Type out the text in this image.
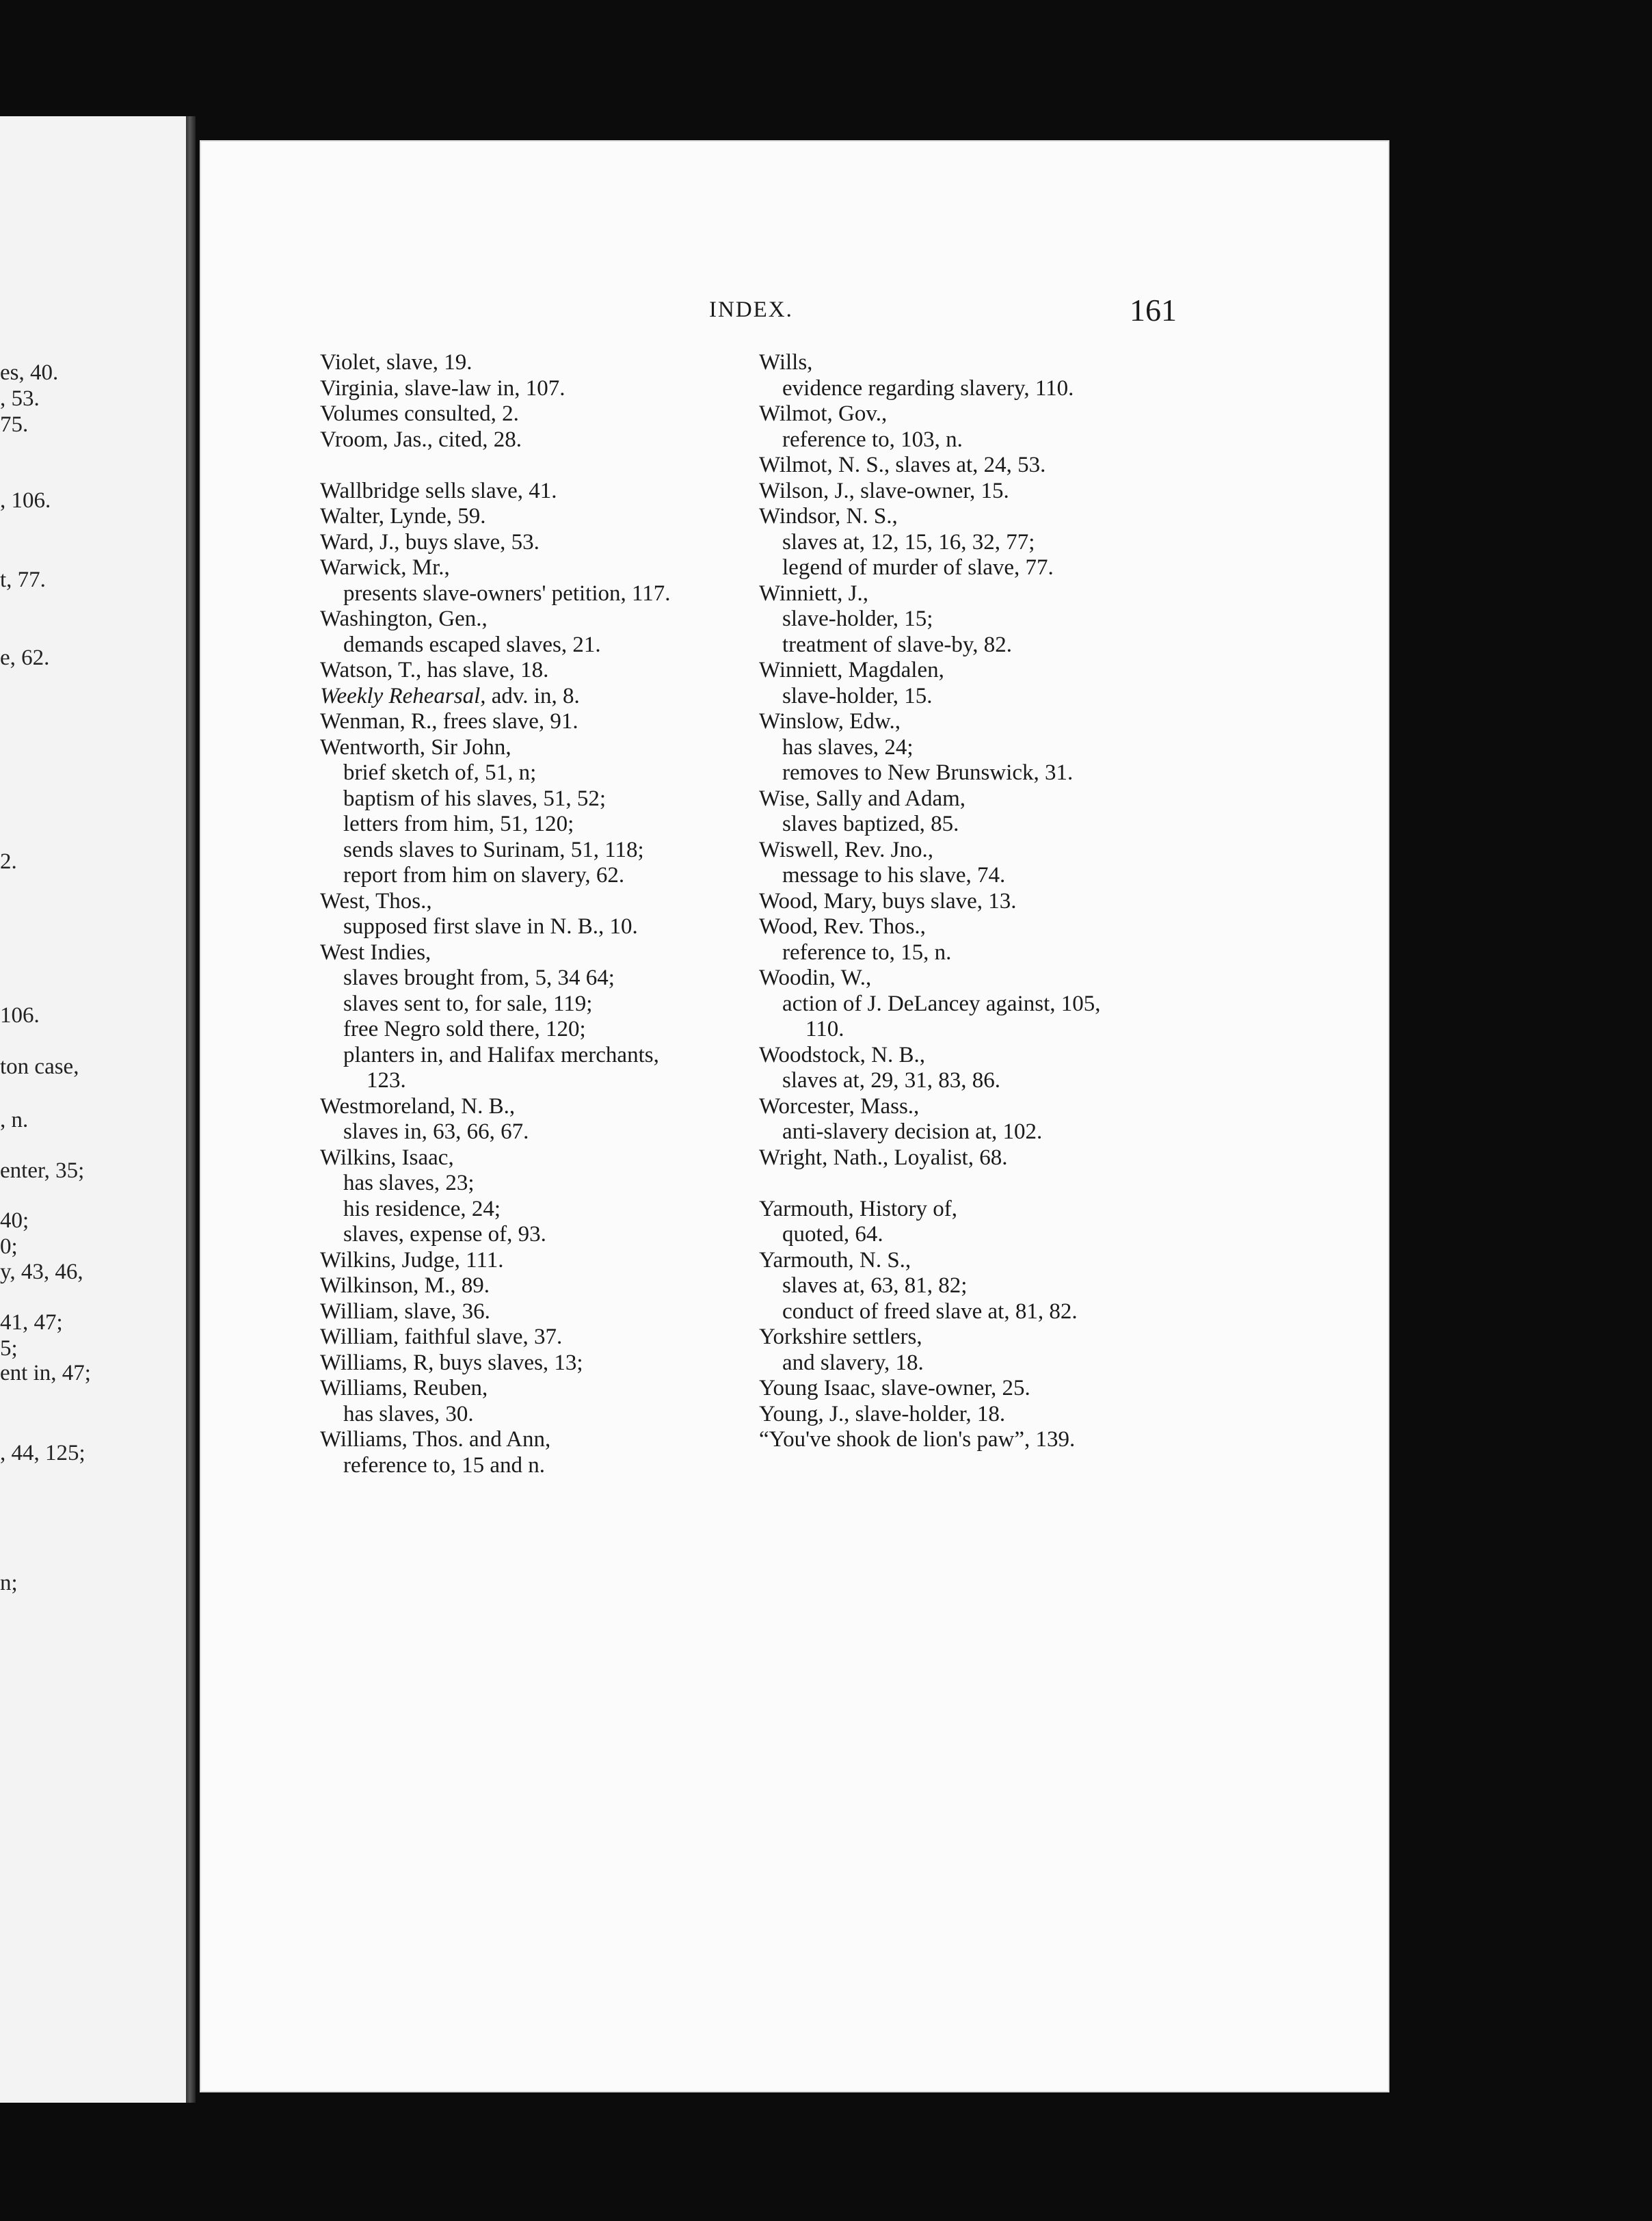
es, 40.
, 53.
75.
, 106.
t, 77.
e, 62.
2.
106.
ton case,
, n.
enter, 35;
40;
0;
y, 43, 46,
41, 47;
5;
ent in, 47;
, 44, 125;
n;
INDEX.	161
Violet, slave, 19.
Virginia, slave-law in, 107.
Volumes consulted, 2.
Vroom, Jas., cited, 28.
Wallbridge sells slave, 41.
Walter, Lynde, 59.
Ward, J., buys slave, 53.
Warwick, Mr.,
presents slave-owners' petition, 117.
Washington, Gen.,
demands escaped slaves, 21.
Watson, T., has slave, 18.
Weekly Rehearsal, adv. in, 8.
Wenman, R., frees slave, 91.
Wentworth, Sir John,
brief sketch of, 51, n;
baptism of his slaves, 51, 52;
letters from him, 51, 120;
sends slaves to Surinam, 51, 118;
report from him on slavery, 62.
West, Thos.,
supposed first slave in N. B., 10.
West Indies,
slaves brought from, 5, 34 64;
slaves sent to, for sale, 119;
free Negro sold there, 120;
planters in, and Halifax merchants,
123.
Westmoreland, N. B.,
slaves in, 63, 66, 67.
Wilkins, Isaac,
has slaves, 23;
his residence, 24;
slaves, expense of, 93.
Wilkins, Judge, 111.
Wilkinson, M., 89.
William, slave, 36.
William, faithful slave, 37.
Williams, R, buys slaves, 13;
Williams, Reuben,
has slaves, 30.
Williams, Thos. and Ann,
reference to, 15 and n.
Wills,
evidence regarding slavery, 110.
Wilmot, Gov.,
reference to, 103, n.
Wilmot, N. S., slaves at, 24, 53.
Wilson, J., slave-owner, 15.
Windsor, N. S.,
slaves at, 12, 15, 16, 32, 77;
legend of murder of slave, 77.
Winniett, J.,
slave-holder, 15;
treatment of slave-by, 82.
Winniett, Magdalen,
slave-holder, 15.
Winslow, Edw.,
has slaves, 24;
removes to New Brunswick, 31.
Wise, Sally and Adam,
slaves baptized, 85.
Wiswell, Rev. Jno.,
message to his slave, 74.
Wood, Mary, buys slave, 13.
Wood, Rev. Thos.,
reference to, 15, n.
Woodin, W.,
action of J. DeLancey against, 105,
110.
Woodstock, N. B.,
slaves at, 29, 31, 83, 86.
Worcester, Mass.,
anti-slavery decision at, 102.
Wright, Nath., Loyalist, 68.
Yarmouth, History of,
quoted, 64.
Yarmouth, N. S.,
slaves at, 63, 81, 82;
conduct of freed slave at, 81, 82.
Yorkshire settlers,
and slavery, 18.
Young Isaac, slave-owner, 25.
Young, J., slave-holder, 18.
“You've shook de lion's paw”, 139.
